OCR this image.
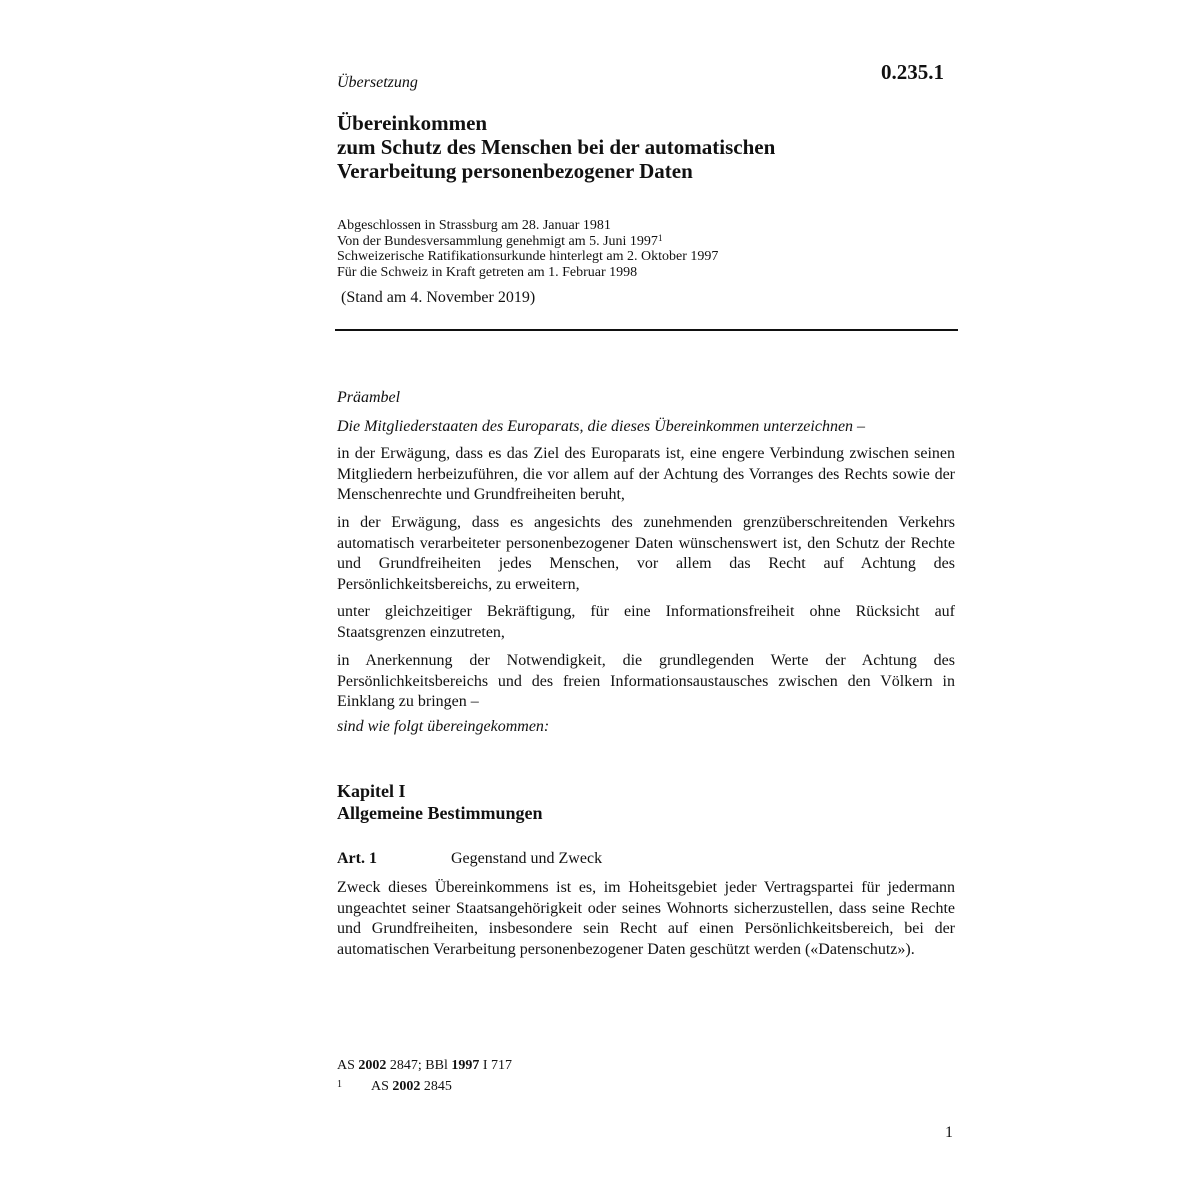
0.235.1
Übersetzung
Übereinkommen
zum Schutz des Menschen bei der automatischen
Verarbeitung personenbezogener Daten
Abgeschlossen in Strassburg am 28. Januar 1981
Von der Bundesversammlung genehmigt am 5. Juni 1997$^1$
Schweizerische Ratifikationsurkunde hinterlegt am 2. Oktober 1997
Für die Schweiz in Kraft getreten am 1. Februar 1998
(Stand am 4. November 2019)
Präambel
Die Mitgliederstaaten des Europarats, die dieses Übereinkommen unterzeichnen –
in der Erwägung, dass es das Ziel des Europarats ist, eine engere Verbindung zwischen seinen Mitgliedern herbeizuführen, die vor allem auf der Achtung des Vorranges des Rechts sowie der Menschenrechte und Grundfreiheiten beruht,
in der Erwägung, dass es angesichts des zunehmenden grenzüberschreitenden Verkehrs automatisch verarbeiteter personenbezogener Daten wünschenswert ist, den Schutz der Rechte und Grundfreiheiten jedes Menschen, vor allem das Recht auf Achtung des Persönlichkeitsbereichs, zu erweitern,
unter gleichzeitiger Bekräftigung, für eine Informationsfreiheit ohne Rücksicht auf Staatsgrenzen einzutreten,
in Anerkennung der Notwendigkeit, die grundlegenden Werte der Achtung des Persönlichkeitsbereichs und des freien Informationsaustausches zwischen den Völkern in Einklang zu bringen –
sind wie folgt übereingekommen:
Kapitel I
Allgemeine Bestimmungen
Art. 1	Gegenstand und Zweck
Zweck dieses Übereinkommens ist es, im Hoheitsgebiet jeder Vertragspartei für jedermann ungeachtet seiner Staatsangehörigkeit oder seines Wohnorts sicherzustellen, dass seine Rechte und Grundfreiheiten, insbesondere sein Recht auf einen Persönlichkeitsbereich, bei der automatischen Verarbeitung personenbezogener Daten geschützt werden («Datenschutz»).
AS 2002 2847; BBl 1997 I 717
1 AS 2002 2845
1
